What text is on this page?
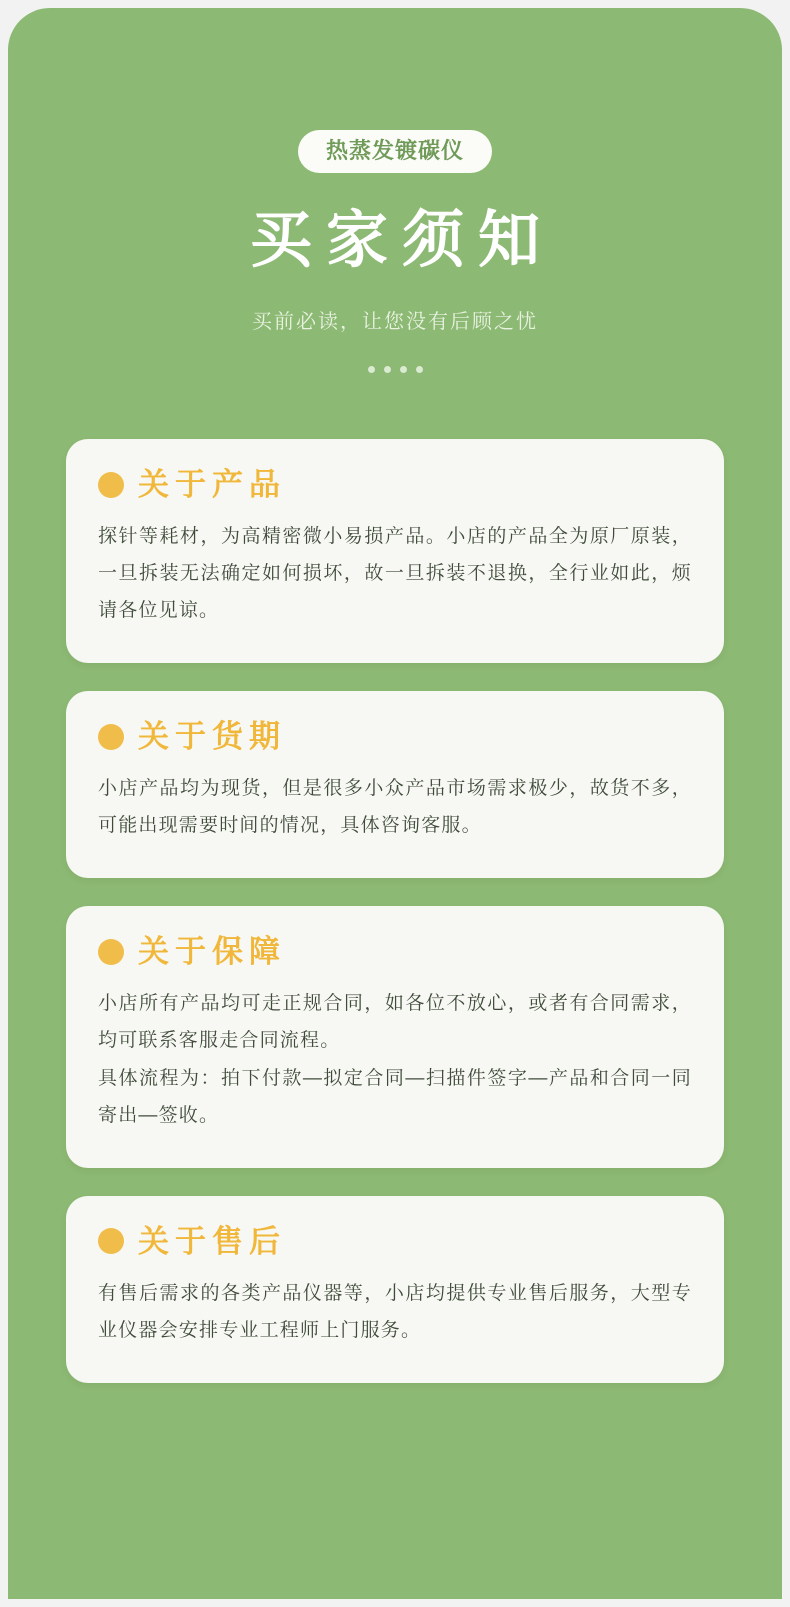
热蒸发镀碳仪
买家须知
买前必读，让您没有后顾之忧
关于产品

探针等耗材，为高精密微小易损产品。小店的产品全为原厂原装，一旦拆装无法确定如何损坏，故一旦拆装不退换，全行业如此，烦请各位见谅。

关于货期

小店产品均为现货，但是很多小众产品市场需求极少，故货不多，可能出现需要时间的情况，具体咨询客服。

关于保障

小店所有产品均可走正规合同，如各位不放心，或者有合同需求，均可联系客服走合同流程。

具体流程为：拍下付款—拟定合同—扫描件签字—产品和合同一同寄出—签收。

关于售后

有售后需求的各类产品仪器等，小店均提供专业售后服务，大型专业仪器会安排专业工程师上门服务。
